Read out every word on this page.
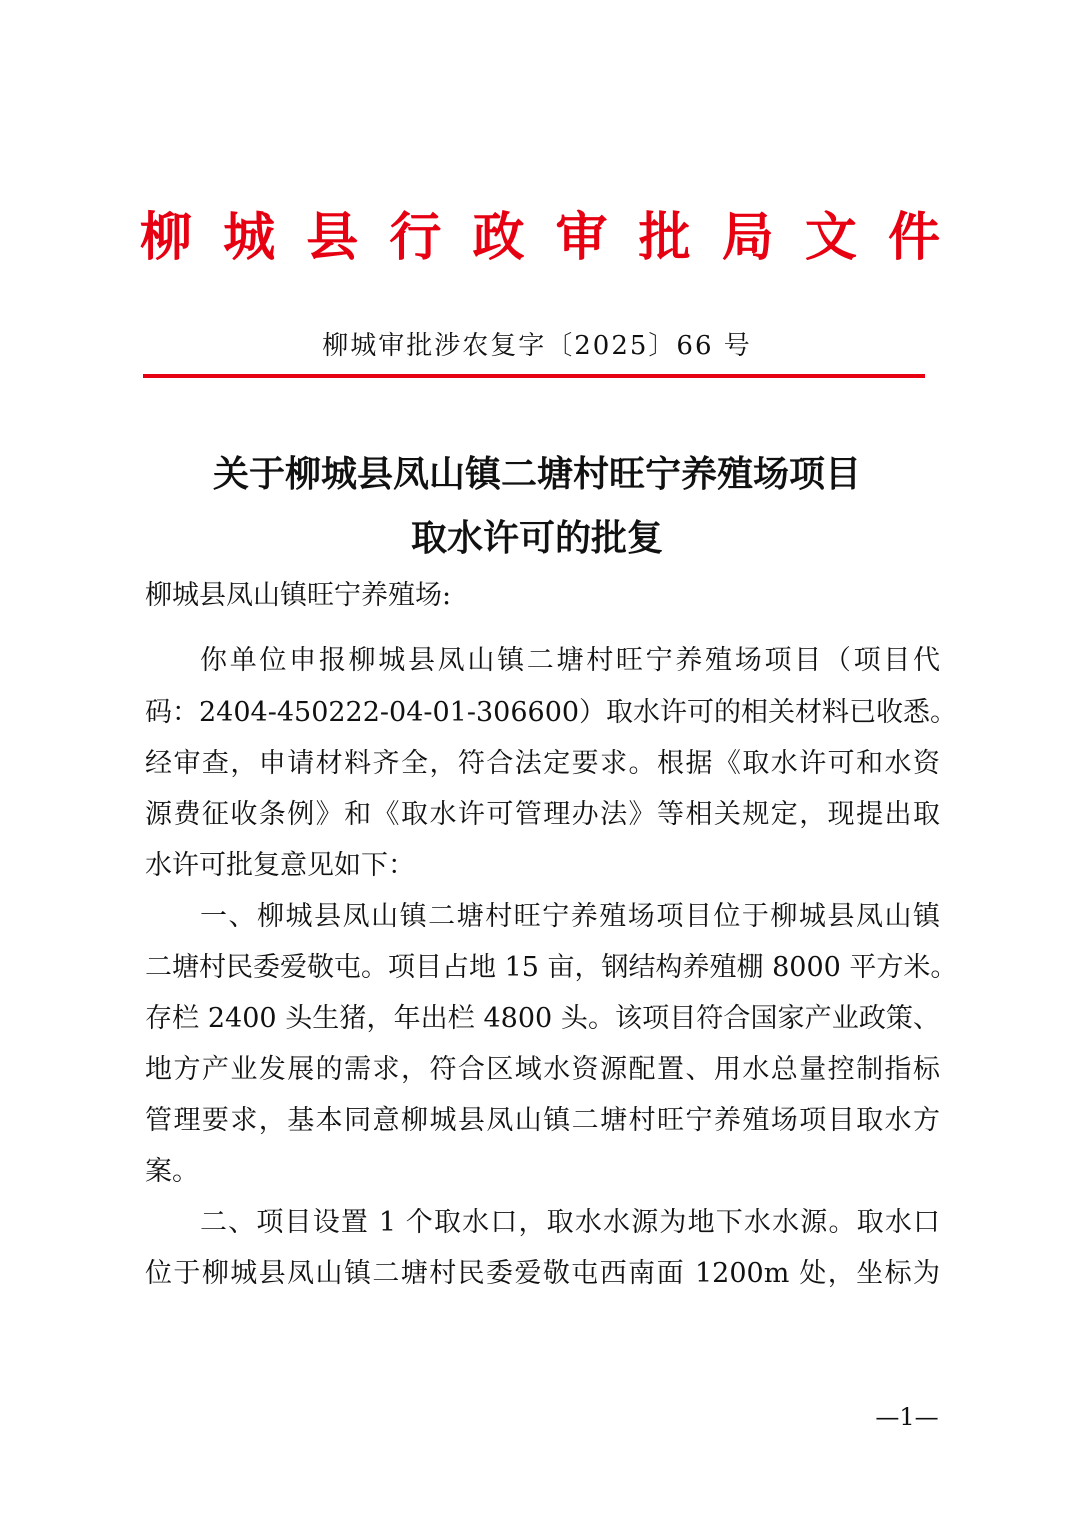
柳 城 县 行 政 审 批 局 文 件
柳城审批涉农复字〔2025〕66 号
关于柳城县凤山镇二塘村旺宁养殖场项目
取水许可的批复
柳城县凤山镇旺宁养殖场:
你单位申报柳城县凤山镇二塘村旺宁养殖场项目（项目代
码：2404-450222-04-01-306600）取水许可的相关材料已收悉。
经审查，申请材料齐全，符合法定要求。根据《取水许可和水资
源费征收条例》和《取水许可管理办法》等相关规定，现提出取
水许可批复意见如下：
一、柳城县凤山镇二塘村旺宁养殖场项目位于柳城县凤山镇
二塘村民委爱敬屯。项目占地 15 亩，钢结构养殖棚 8000 平方米。
存栏 2400 头生猪，年出栏 4800 头。该项目符合国家产业政策、
地方产业发展的需求，符合区域水资源配置、用水总量控制指标
管理要求，基本同意柳城县凤山镇二塘村旺宁养殖场项目取水方
案。
二、项目设置 1 个取水口，取水水源为地下水水源。取水口
位于柳城县凤山镇二塘村民委爱敬屯西南面 1200m 处，坐标为
—1—
